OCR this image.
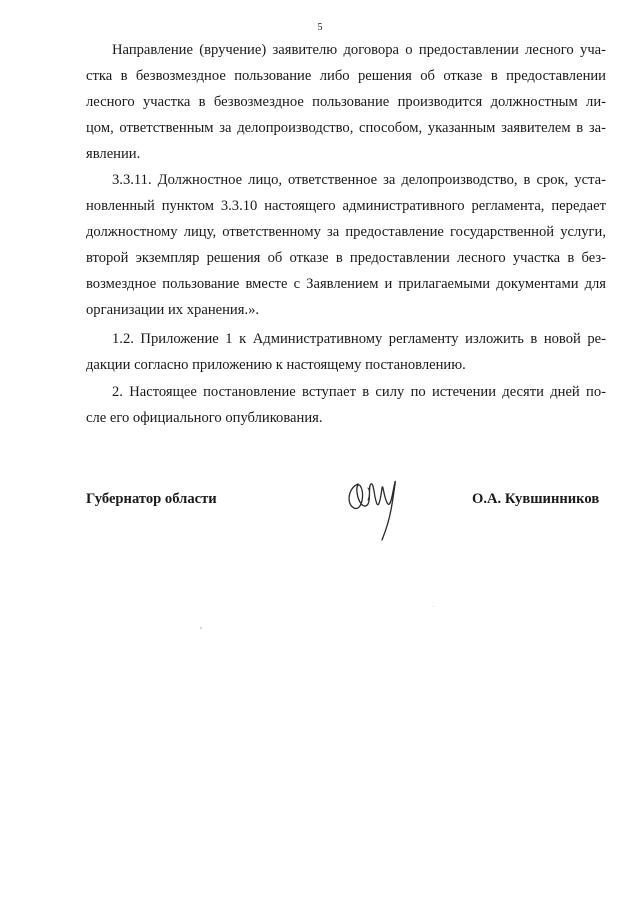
5
Направление (вручение) заявителю договора о предоставлении лесного уча-
стка в безвозмездное пользование либо решения об отказе в предоставлении
лесного участка в безвозмездное пользование производится должностным ли-
цом, ответственным за делопроизводство, способом, указанным заявителем в за-
явлении.
3.3.11. Должностное лицо, ответственное за делопроизводство, в срок, уста-
новленный пунктом 3.3.10 настоящего административного регламента, передает
должностному лицу, ответственному за предоставление государственной услуги,
второй экземпляр решения об отказе в предоставлении лесного участка в без-
возмездное пользование вместе с Заявлением и прилагаемыми документами для
организации их хранения.».
1.2. Приложение 1 к Административному регламенту изложить в новой ре-
дакции согласно приложению к настоящему постановлению.
2. Настоящее постановление вступает в силу по истечении десяти дней по-
сле его официального опубликования.
Губернатор области	О.А. Кувшинников
